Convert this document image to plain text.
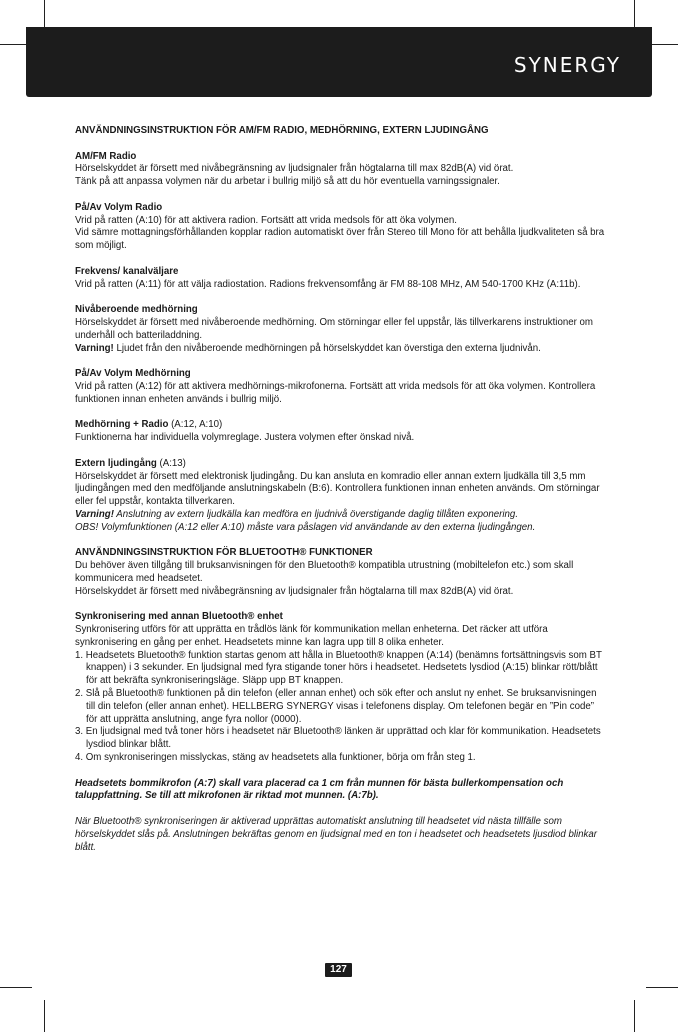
SYNERGY

ANVÄNDNINGSINSTRUKTION FÖR AM/FM RADIO, MEDHÖRNING, EXTERN LJUDINGÅNG

AM/FM Radio

Hörselskyddet är försett med nivåbegränsning av ljudsignaler från högtalarna till max 82dB(A) vid örat.

Tänk på att anpassa volymen när du arbetar i bullrig miljö så att du hör eventuella varningssignaler.

På/Av Volym Radio

Vrid på ratten (A:10) för att aktivera radion. Fortsätt att vrida medsols för att öka volymen.

Vid sämre mottagningsförhållanden kopplar radion automatiskt över från Stereo till Mono för att behålla ljudkvaliteten så bra som möjligt.

Frekvens/ kanalväljare

Vrid på ratten (A:11) för att välja radiostation. Radions frekvensomfång är FM 88-108 MHz, AM 540-1700 KHz (A:11b).

Nivåberoende medhörning

Hörselskyddet är försett med nivåberoende medhörning. Om störningar eller fel uppstår, läs tillverkarens instruktioner om underhåll och batteriladdning.

Varning! Ljudet från den nivåberoende medhörningen på hörselskyddet kan överstiga den externa ljudnivån.

På/Av Volym Medhörning

Vrid på ratten (A:12) för att aktivera medhörnings-mikrofonerna. Fortsätt att vrida medsols för att öka volymen. Kontrollera funktionen innan enheten används i bullrig miljö.

Medhörning + Radio (A:12, A:10)

Funktionerna har individuella volymreglage. Justera volymen efter önskad nivå.

Extern ljudingång (A:13)

Hörselskyddet är försett med elektronisk ljudingång. Du kan ansluta en komradio eller annan extern ljudkälla till 3,5 mm ljudingången med den medföljande anslutningskabeln (B:6). Kontrollera funktionen innan enheten används. Om störningar eller fel uppstår, kontakta tillverkaren.

Varning! Anslutning av extern ljudkälla kan medföra en ljudnivå överstigande daglig tillåten exponering.

OBS! Volymfunktionen (A:12 eller A:10) måste vara påslagen vid användande av den externa ljudingången.

ANVÄNDNINGSINSTRUKTION FÖR BLUETOOTH® FUNKTIONER

Du behöver även tillgång till bruksanvisningen för den Bluetooth® kompatibla utrustning (mobiltelefon etc.) som skall kommunicera med headsetet.

Hörselskyddet är försett med nivåbegränsning av ljudsignaler från högtalarna till max 82dB(A) vid örat.

Synkronisering med annan Bluetooth® enhet

Synkronisering utförs för att upprätta en trådlös länk för kommunikation mellan enheterna. Det räcker att utföra synkronisering en gång per enhet. Headsetets minne kan lagra upp till 8 olika enheter.

1. Headsetets Bluetooth® funktion startas genom att hålla in Bluetooth® knappen (A:14) (benämns fortsättningsvis som BT knappen) i 3 sekunder. En ljudsignal med fyra stigande toner hörs i headsetet. Hedsetets lysdiod (A:15) blinkar rött/blått för att bekräfta synkroniseringsläge. Släpp upp BT knappen.
2. Slå på Bluetooth® funktionen på din telefon (eller annan enhet) och sök efter och anslut ny enhet. Se bruksanvisningen till din telefon (eller annan enhet). HELLBERG SYNERGY visas i telefonens display. Om telefonen begär en ”Pin code” för att upprätta anslutning, ange fyra nollor (0000).
3. En ljudsignal med två toner hörs i headsetet när Bluetooth® länken är upprättad och klar för kommunikation. Headsetets lysdiod blinkar blått.
4. Om synkroniseringen misslyckas, stäng av headsetets alla funktioner, börja om från steg 1.

Headsetets bommikrofon (A:7) skall vara placerad ca 1 cm från munnen för bästa bullerkompensation och taluppfattning. Se till att mikrofonen är riktad mot munnen. (A:7b).

När Bluetooth® synkroniseringen är aktiverad upprättas automatiskt anslutning till headsetet vid nästa tillfälle som hörselskyddet slås på. Anslutningen bekräftas genom en ljudsignal med en ton i headsetet och headsetets ljusdiod blinkar blått.

127
